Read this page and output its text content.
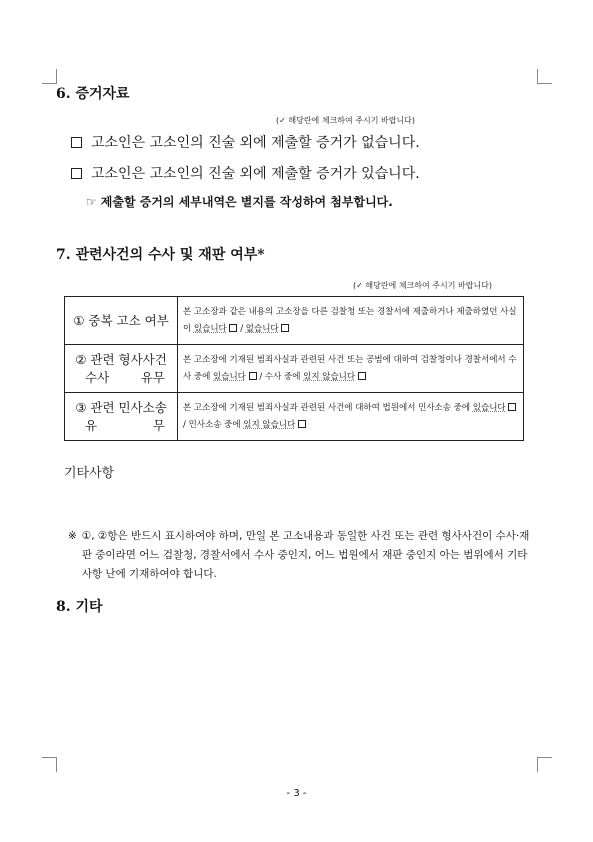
6. 증거자료
(✓ 해당란에 체크하여 주시기 바랍니다)
고소인은 고소인의 진술 외에 제출할 증거가 없습니다.
고소인은 고소인의 진술 외에 제출할 증거가 있습니다.
☞ 제출할 증거의 세부내역은 별지를 작성하여 첨부합니다.
7. 관련사건의 수사 및 재판 여부*
(✓ 해당란에 체크하여 주시기 바랍니다)
① 중복 고소 여부	본 고소장과 같은 내용의 고소장을 다른 검찰청 또는 경찰서에 제출하거나 제출하였던 사실이 있습니다 / 없습니다

② 관련 형사사건
수사 유무	본 고소장에 기재된 범죄사실과 관련된 사건 또는 공범에 대하여 검찰청이나 경찰서에서 수사 중에 있습니다 / 수사 중에 있지 않습니다

③ 관련 민사소송
유 무	본 고소장에 기재된 범죄사실과 관련된 사건에 대하여 법원에서 민사소송 중에 있습니다  / 민사소송 중에 있지 않습니다
기타사항
※ ①, ②항은 반드시 표시하여야 하며, 만일 본 고소내용과 동일한 사건 또는 관련 형사사건이 수사·재판 중이라면 어느 검찰청, 경찰서에서 수사 중인지, 어느 법원에서 재판 중인지 아는 범위에서 기타사항 난에 기재하여야 합니다.
8. 기타
- 3 -
